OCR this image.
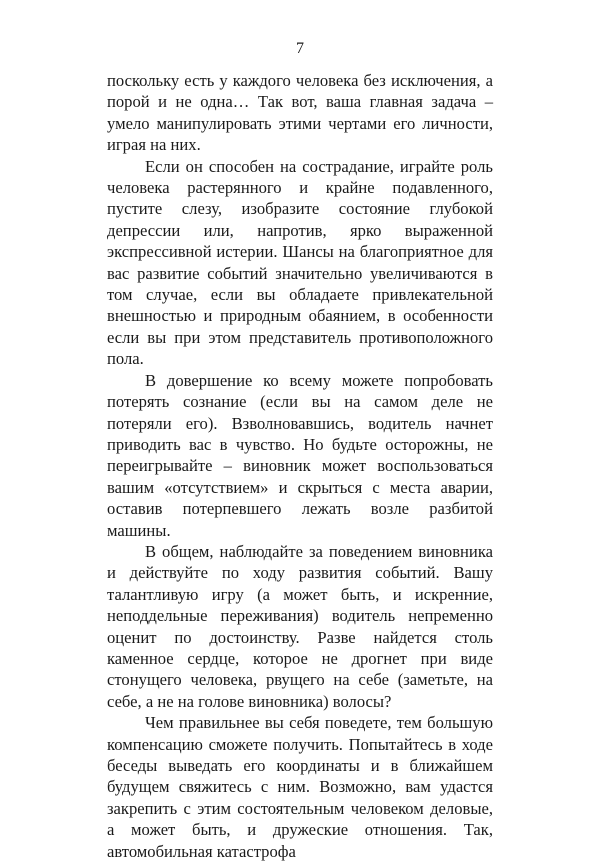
7

поскольку есть у каждого человека без исключения, а порой и не одна… Так вот, ваша главная задача – умело манипулировать этими чертами его личности, играя на них.

Если он способен на сострадание, играйте роль человека растерянного и крайне подавленного, пустите слезу, изобразите состояние глубокой депрессии или, напротив, ярко выраженной экспрессивной истерии. Шансы на благоприятное для вас развитие событий значительно увеличиваются в том случае, если вы обладаете привлекательной внешностью и природным обаянием, в особенности если вы при этом представитель противоположного пола.

В довершение ко всему можете попробовать потерять сознание (если вы на самом деле не потеряли его). Взволновавшись, водитель начнет приводить вас в чувство. Но будьте осторожны, не переигрывайте – виновник может воспользоваться вашим «отсутствием» и скрыться с места аварии, оставив потерпевшего лежать возле разбитой машины.

В общем, наблюдайте за поведением виновника и действуйте по ходу развития событий. Вашу талантливую игру (а может быть, и искренние, неподдельные переживания) водитель непременно оценит по достоинству. Разве найдется столь каменное сердце, которое не дрогнет при виде стонущего человека, рвущего на себе (заметьте, на себе, а не на голове виновника) волосы?

Чем правильнее вы себя поведете, тем большую компенсацию сможете получить. Попытайтесь в ходе беседы выведать его координаты и в ближайшем будущем свяжитесь с ним. Возможно, вам удастся закрепить с этим состоятельным человеком деловые, а может быть, и дружеские отношения. Так, автомобильная катастрофа
